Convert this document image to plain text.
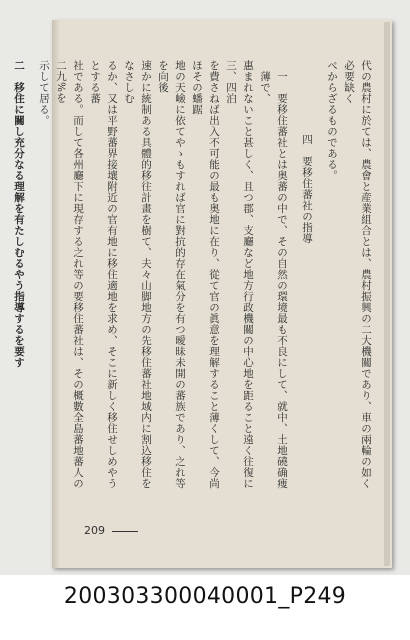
代の農村に於ては、農會と産業組合とは、農村振興の二大機關であり、車の兩輪の如く必要缺く
べからざるものである。
四　要移住蕃社の指導
一　要移住蕃社とは奥蕃の中で、その自然の環境最も不良にして、就中、土地磽确痩薄で、
惠まれないこと甚しく、且つ郡、支廳など地方行政機關の中心地を距ること遠く往復に三、四泊
を費さねば出入不可能の最も奥地に在り、從て官の眞意を理解すること薄くして、今尚ほその蟠踞
地の天嶮に依てやゝもすれば官に對抗的存在氣分を有つ曖昧未開の蕃族であり、之れ等を向後
速かに統制ある具體的移往計畫を樹て、夫々山脚地方の先移住蕃社地域内に割込移住をなさしむ
るか、又は平野蕃界接壤附近の官有地に移住適地を求め、そこに新しく移住せしめやうとする蕃
社である。而して各州廳下に現存する之れ等の要移住蕃社は、その概數全島蕃地蕃人の二九%を
示して居る。
二　移住に關し充分なる理解を有たしむるやう指導するを要す
209
200303300040001_P249
